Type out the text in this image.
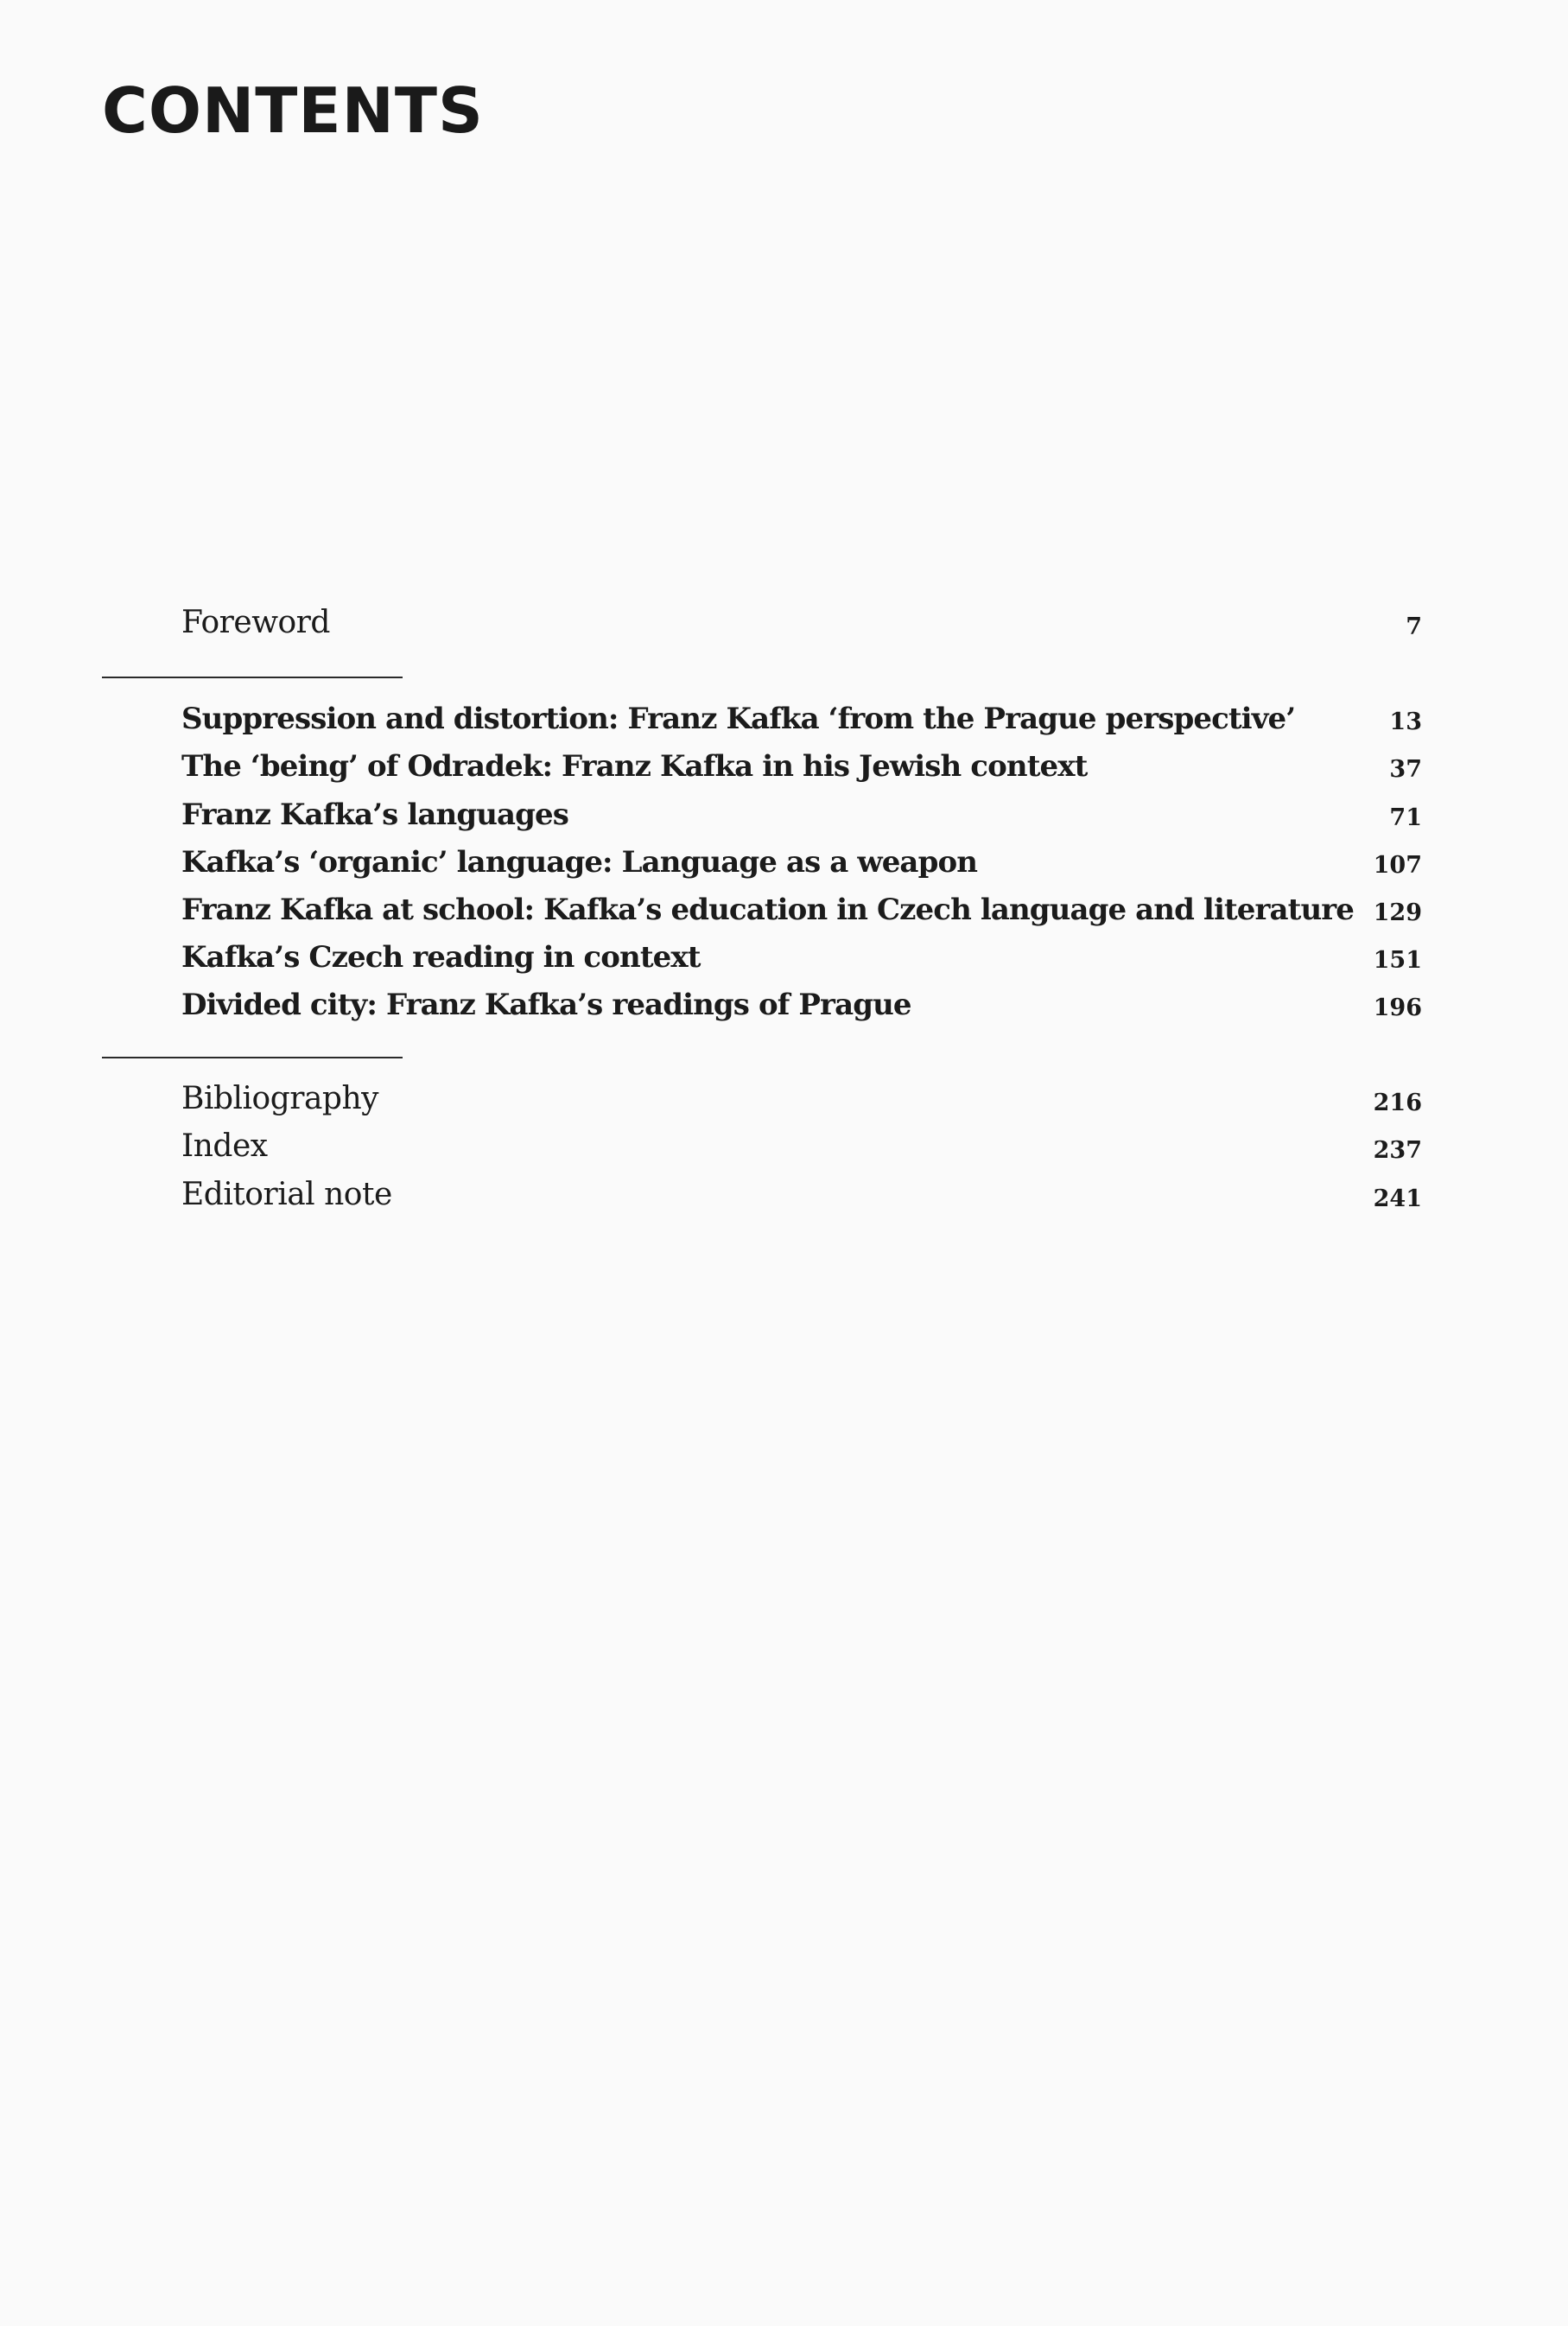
CONTENTS
Foreword	7
Suppression and distortion: Franz Kafka ‘from the Prague perspective’	13
The ‘being’ of Odradek: Franz Kafka in his Jewish context	37
Franz Kafka’s languages	71
Kafka’s ‘organic’ language: Language as a weapon	107
Franz Kafka at school: Kafka’s education in Czech language and literature 129
Kafka’s Czech reading in context	151
Divided city: Franz Kafka’s readings of Prague	196
Bibliography	216
Index	237
Editorial note	241
